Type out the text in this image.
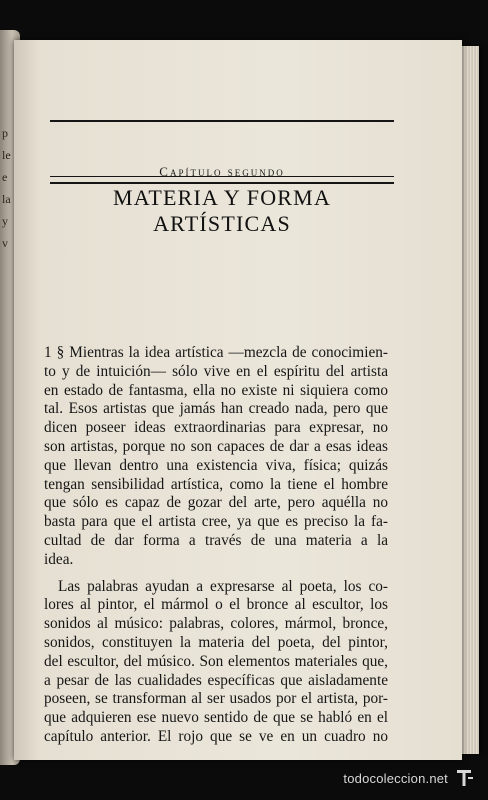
p
le
e
la
y
v
Capítulo segundo
MATERIA Y FORMA ARTÍSTICAS
1 § Mientras la idea artística —mezcla de conocimien-
to y de intuición— sólo vive en el espíritu del artista
en estado de fantasma, ella no existe ni siquiera como
tal. Esos artistas que jamás han creado nada, pero que
dicen poseer ideas extraordinarias para expresar, no
son artistas, porque no son capaces de dar a esas ideas
que llevan dentro una existencia viva, física; quizás
tengan sensibilidad artística, como la tiene el hombre
que sólo es capaz de gozar del arte, pero aquélla no
basta para que el artista cree, ya que es preciso la fa-
cultad de dar forma a través de una materia a la
idea.
Las palabras ayudan a expresarse al poeta, los co-
lores al pintor, el mármol o el bronce al escultor, los
sonidos al músico: palabras, colores, mármol, bronce,
sonidos, constituyen la materia del poeta, del pintor,
del escultor, del músico. Son elementos materiales que,
a pesar de las cualidades específicas que aisladamente
poseen, se transforman al ser usados por el artista, por-
que adquieren ese nuevo sentido de que se habló en el
capítulo anterior. El rojo que se ve en un cuadro no
todocoleccion.net
